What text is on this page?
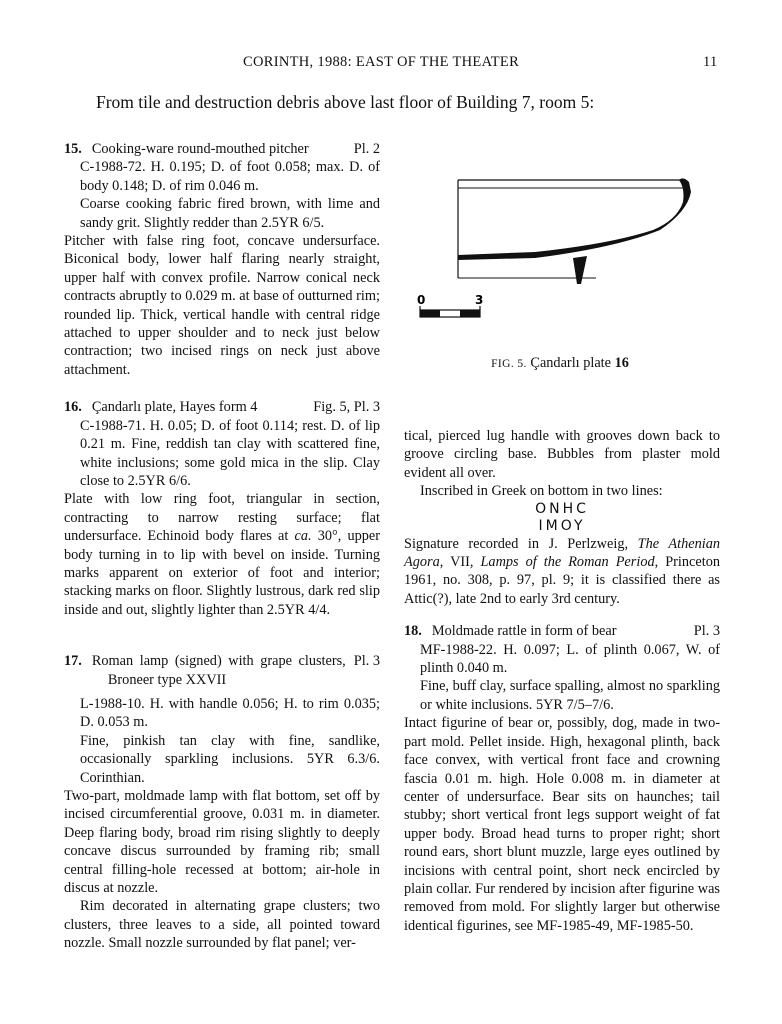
CORINTH, 1988: EAST OF THE THEATER	11
From tile and destruction debris above last floor of Building 7, room 5:
15. Cooking-ware round-mouthed pitcher	Pl. 2

C-1988-72. H. 0.195; D. of foot 0.058; max. D. of body 0.148; D. of rim 0.046 m.

Coarse cooking fabric fired brown, with lime and sandy grit. Slightly redder than 2.5YR 6/5.

Pitcher with false ring foot, concave undersurface. Biconical body, lower half flaring nearly straight, upper half with convex profile. Narrow conical neck contracts abruptly to 0.029 m. at base of outturned rim; rounded lip. Thick, vertical handle with central ridge attached to upper shoulder and to neck just below contraction; two incised rings on neck just above attachment.

16. Çandarlı plate, Hayes form 4	Fig. 5, Pl. 3

C-1988-71. H. 0.05; D. of foot 0.114; rest. D. of lip 0.21 m. Fine, reddish tan clay with scattered fine, white inclusions; some gold mica in the slip. Clay close to 2.5YR 6/6.

Plate with low ring foot, triangular in section, contracting to narrow resting surface; flat undersurface. Echinoid body flares at ca. 30°, upper body turning in to lip with bevel on inside. Turning marks apparent on exterior of foot and interior; stacking marks on floor. Slightly lustrous, dark red slip inside and out, slightly lighter than 2.5YR 4/4.

17. Roman lamp (signed) with grape clusters, Broneer type XXVII
Pl. 3

L-1988-10. H. with handle 0.056; H. to rim 0.035; D. 0.053 m.

Fine, pinkish tan clay with fine, sandlike, occasionally sparkling inclusions. 5YR 6.3/6. Corinthian.

Two-part, moldmade lamp with flat bottom, set off by incised circumferential groove, 0.031 m. in diameter. Deep flaring body, broad rim rising slightly to deeply concave discus surrounded by framing rib; small central filling-hole recessed at bottom; air-hole in discus at nozzle.

Rim decorated in alternating grape clusters; two clusters, three leaves to a side, all pointed toward nozzle. Small nozzle surrounded by flat panel; ver-

0	3
FIG. 5. Çandarlı plate 16

tical, pierced lug handle with grooves down back to groove circling base. Bubbles from plaster mold evident all over.

Inscribed in Greek on bottom in two lines:

ONHC
IMOY

Signature recorded in J. Perlzweig, The Athenian Agora, VII, Lamps of the Roman Period, Princeton 1961, no. 308, p. 97, pl. 9; it is classified there as Attic(?), late 2nd to early 3rd century.

18. Moldmade rattle in form of bear	Pl. 3

MF-1988-22. H. 0.097; L. of plinth 0.067, W. of plinth 0.040 m.

Fine, buff clay, surface spalling, almost no sparkling or white inclusions. 5YR 7/5–7/6.

Intact figurine of bear or, possibly, dog, made in two-part mold. Pellet inside. High, hexagonal plinth, back face convex, with vertical front face and crowning fascia 0.01 m. high. Hole 0.008 m. in diameter at center of undersurface. Bear sits on haunches; tail stubby; short vertical front legs support weight of fat upper body. Broad head turns to proper right; short round ears, short blunt muzzle, large eyes outlined by incisions with central point, short neck encircled by plain collar. Fur rendered by incision after figurine was removed from mold. For slightly larger but otherwise identical figurines, see MF-1985-49, MF-1985-50.
